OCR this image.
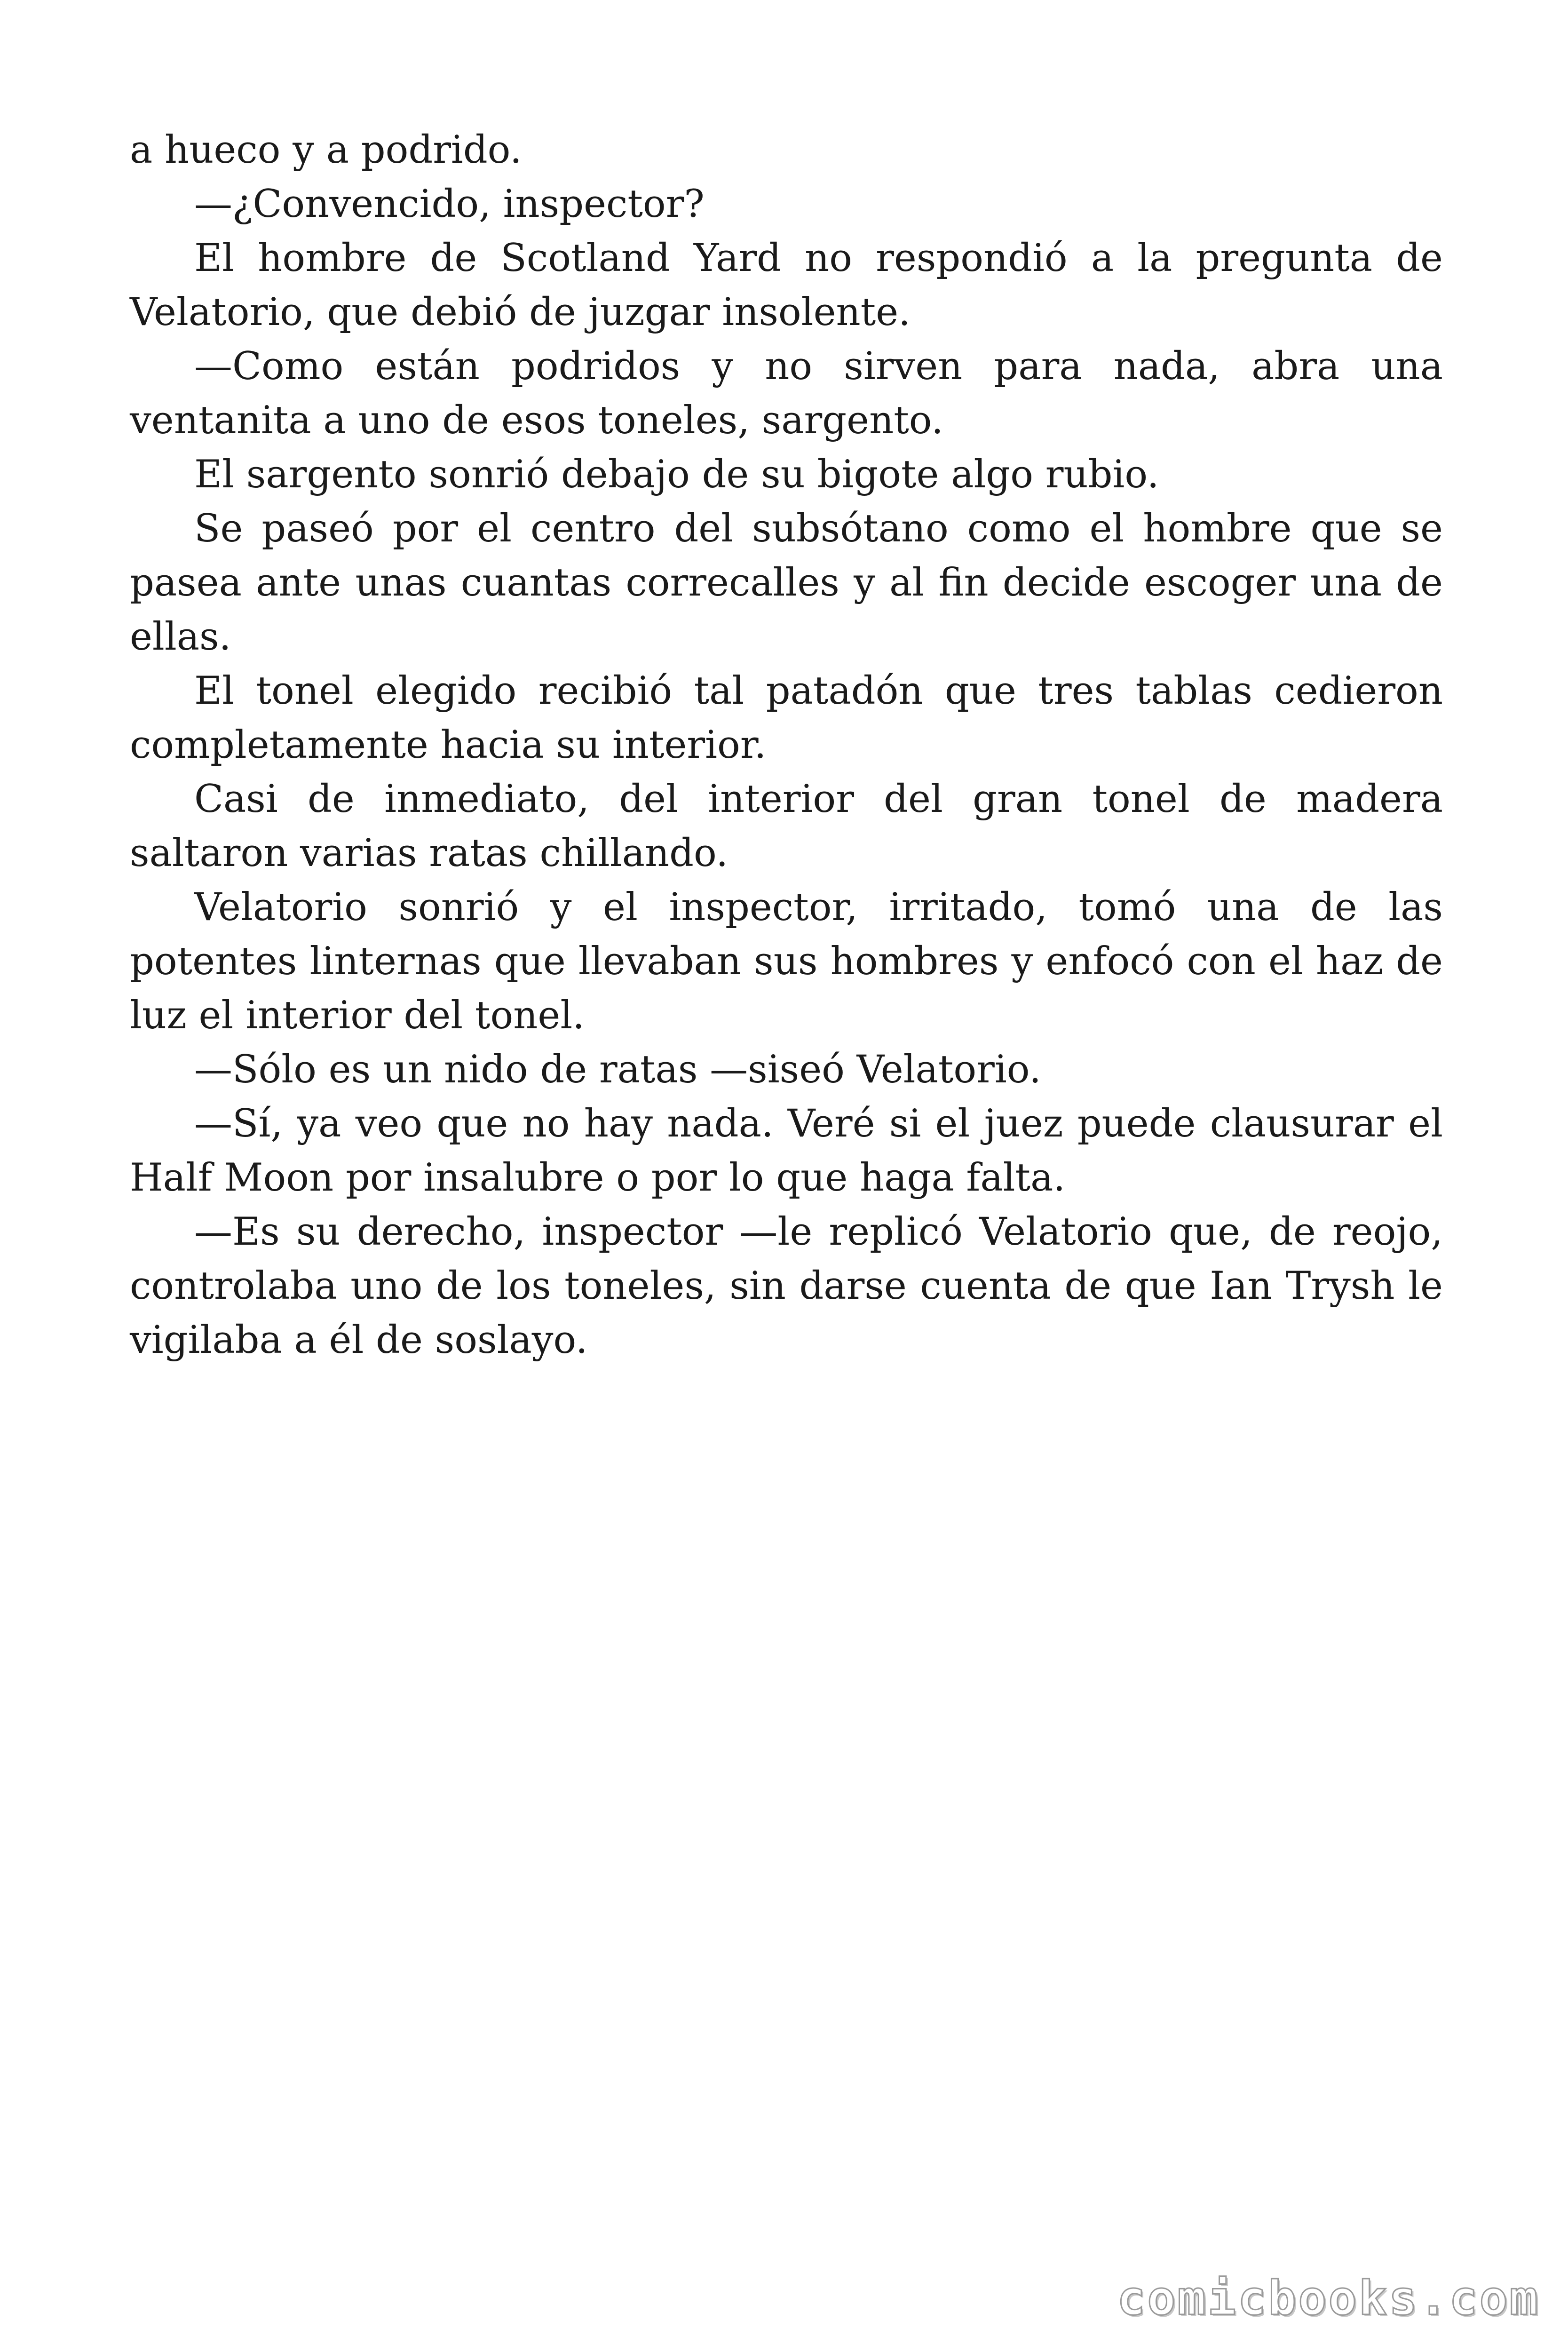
a hueco y a podrido.

—¿Convencido, inspector?

El hombre de Scotland Yard no respondió a la pregunta de Velatorio, que debió de juzgar insolente.

—Como están podridos y no sirven para nada, abra una ventanita a uno de esos toneles, sargento.

El sargento sonrió debajo de su bigote algo rubio.

Se paseó por el centro del subsótano como el hombre que se pasea ante unas cuantas correcalles y al fin decide escoger una de ellas.

El tonel elegido recibió tal patadón que tres tablas cedieron completamente hacia su interior.

Casi de inmediato, del interior del gran tonel de madera saltaron varias ratas chillando.

Velatorio sonrió y el inspector, irritado, tomó una de las potentes linternas que llevaban sus hombres y enfocó con el haz de luz el interior del tonel.

—Sólo es un nido de ratas —siseó Velatorio.

—Sí, ya veo que no hay nada. Veré si el juez puede clausurar el Half Moon por insalubre o por lo que haga falta.

—Es su derecho, inspector —le replicó Velatorio que, de reojo, controlaba uno de los toneles, sin darse cuenta de que Ian Trysh le vigilaba a él de soslayo.

comicbooks.com
